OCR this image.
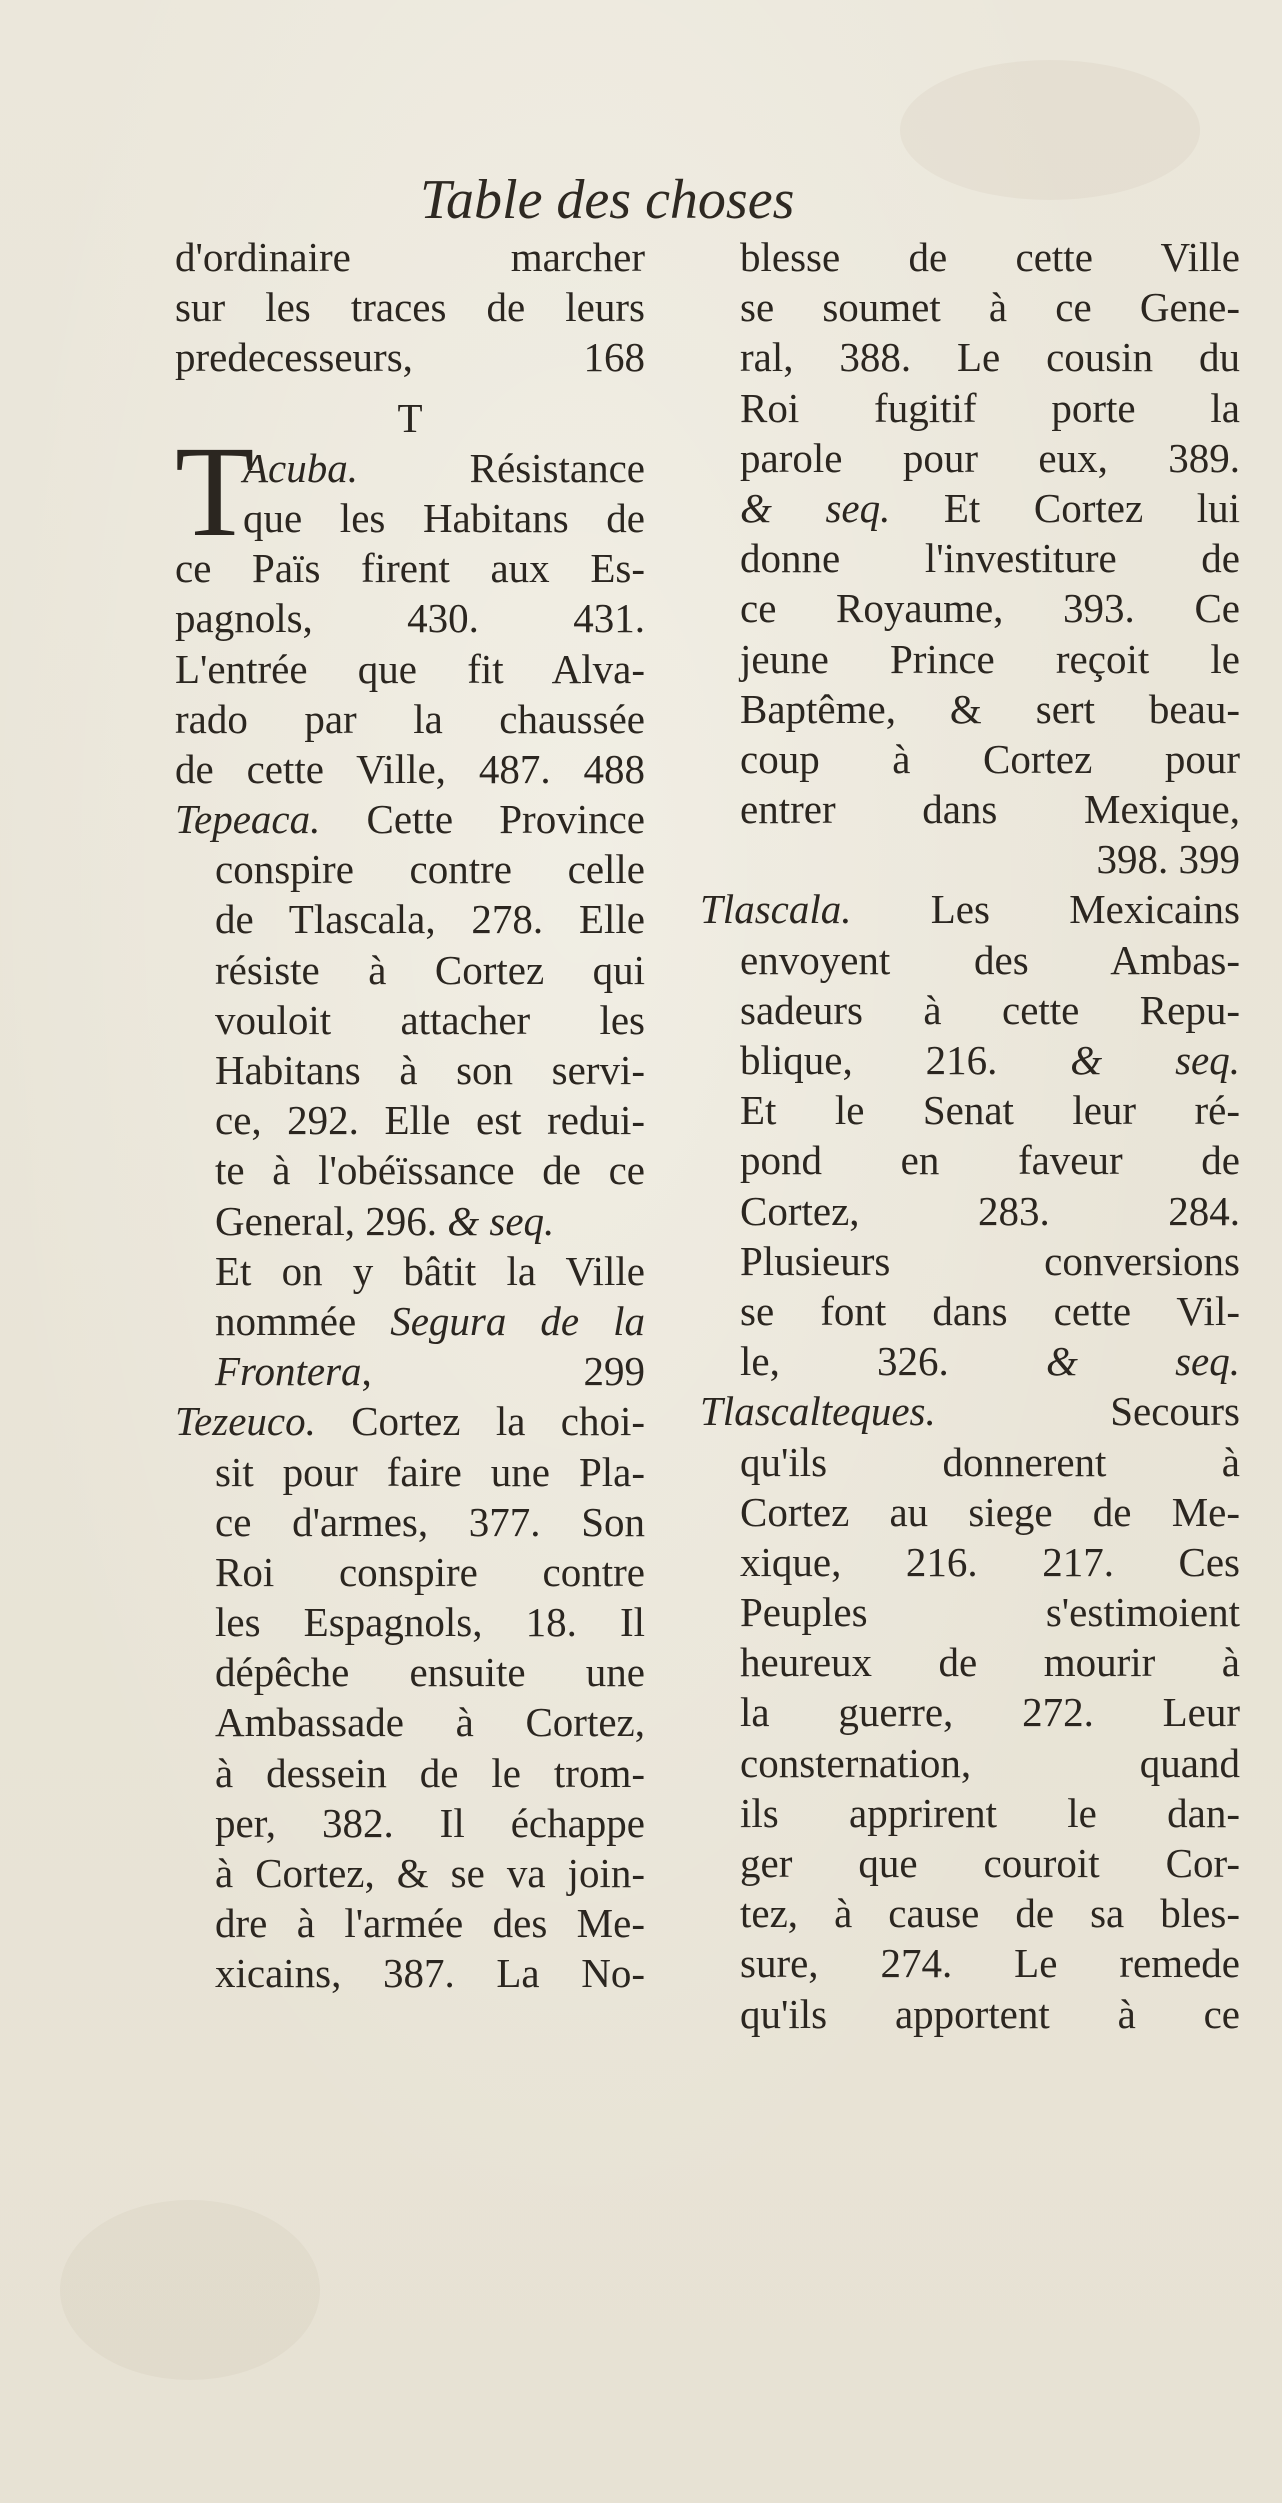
Table des choses
d'ordinaire marcher
sur les traces de leurs
predecesseurs, 168
T
T
Acuba. Résistance
que les Habitans de
ce Païs firent aux Es-
pagnols, 430. 431.
L'entrée que fit Alva-
rado par la chaussée
de cette Ville, 487. 488
Tepeaca. Cette Province
conspire contre celle
de Tlascala, 278. Elle
résiste à Cortez qui
vouloit attacher les
Habitans à son servi-
ce, 292. Elle est redui-
te à l'obéïssance de ce
General, 296. & seq.
Et on y bâtit la Ville
nommée Segura de la
Frontera, 299
Tezeuco. Cortez la choi-
sit pour faire une Pla-
ce d'armes, 377. Son
Roi conspire contre
les Espagnols, 18. Il
dépêche ensuite une
Ambassade à Cortez,
à dessein de le trom-
per, 382. Il échappe
à Cortez, & se va join-
dre à l'armée des Me-
xicains, 387. La No-
blesse de cette Ville
se soumet à ce Gene-
ral, 388. Le cousin du
Roi fugitif porte la
parole pour eux, 389.
& seq. Et Cortez lui
donne l'investiture de
ce Royaume, 393. Ce
jeune Prince reçoit le
Baptême, & sert beau-
coup à Cortez pour
entrer dans Mexique,
398. 399
Tlascala. Les Mexicains
envoyent des Ambas-
sadeurs à cette Repu-
blique, 216. & seq.
Et le Senat leur ré-
pond en faveur de
Cortez, 283. 284.
Plusieurs conversions
se font dans cette Vil-
le, 326. & seq.
Tlascalteques. Secours
qu'ils donnerent à
Cortez au siege de Me-
xique, 216. 217. Ces
Peuples s'estimoient
heureux de mourir à
la guerre, 272. Leur
consternation, quand
ils apprirent le dan-
ger que couroit Cor-
tez, à cause de sa bles-
sure, 274. Le remede
qu'ils apportent à ce
